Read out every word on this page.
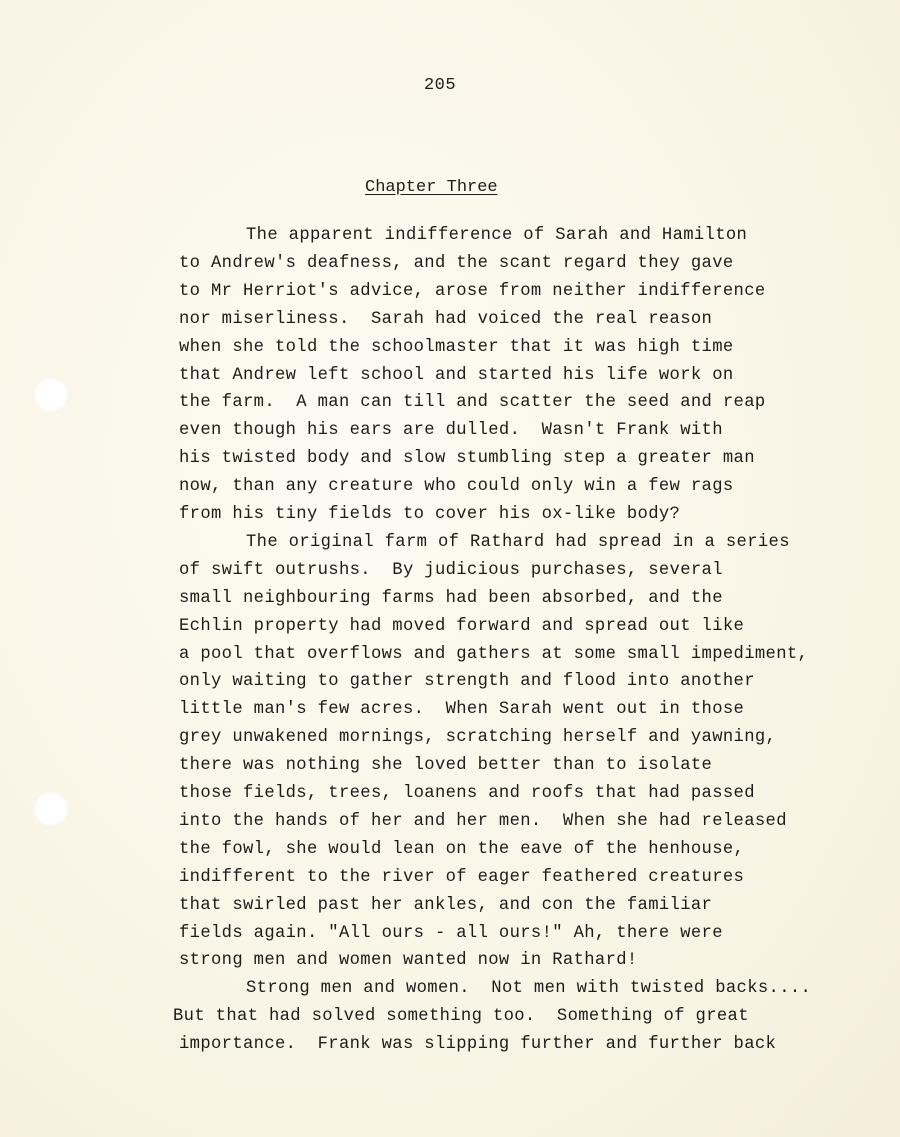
205
Chapter Three
The apparent indifference of Sarah and Hamilton
to Andrew's deafness, and the scant regard they gave
to Mr Herriot's advice, arose from neither indifference
nor miserliness.  Sarah had voiced the real reason
when she told the schoolmaster that it was high time
that Andrew left school and started his life work on
the farm.  A man can till and scatter the seed and reap
even though his ears are dulled.  Wasn't Frank with
his twisted body and slow stumbling step a greater man
now, than any creature who could only win a few rags
from his tiny fields to cover his ox-like body?
The original farm of Rathard had spread in a series
of swift outrushs.  By judicious purchases, several
small neighbouring farms had been absorbed, and the
Echlin property had moved forward and spread out like
a pool that overflows and gathers at some small impediment,
only waiting to gather strength and flood into another
little man's few acres.  When Sarah went out in those
grey unwakened mornings, scratching herself and yawning,
there was nothing she loved better than to isolate
those fields, trees, loanens and roofs that had passed
into the hands of her and her men.  When she had released
the fowl, she would lean on the eave of the henhouse,
indifferent to the river of eager feathered creatures
that swirled past her ankles, and con the familiar
fields again. "All ours - all ours!" Ah, there were
strong men and women wanted now in Rathard!
Strong men and women.  Not men with twisted backs....
But that had solved something too.  Something of great
importance.  Frank was slipping further and further back
